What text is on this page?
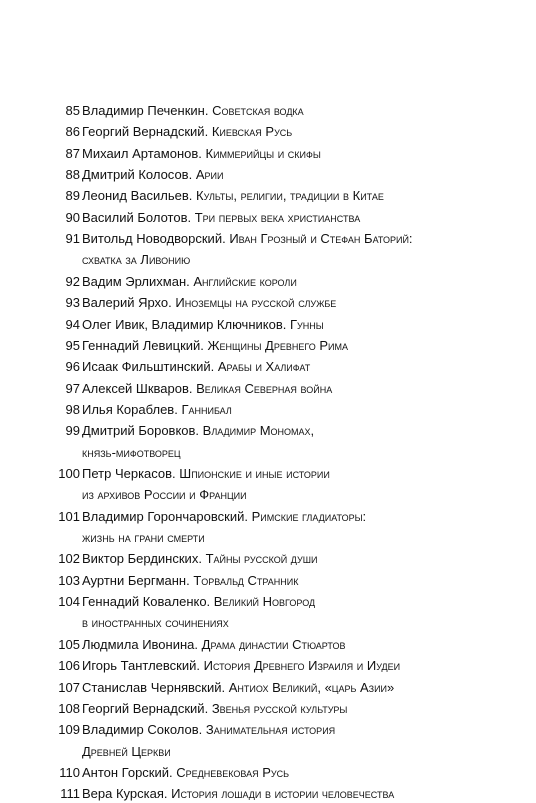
85 Владимир Печенкин. Советская водка
86 Георгий Вернадский. Киевская Русь
87 Михаил Артамонов. Киммерийцы и скифы
88 Дмитрий Колосов. Арии
89 Леонид Васильев. Культы, религии, традиции в Китае
90 Василий Болотов. Три первых века христианства
91 Витольд Новодворский. Иван Грозный и Стефан Баторий:
схватка за Ливонию
92 Вадим Эрлихман. Английские короли
93 Валерий Ярхо. Иноземцы на русской службе
94 Олег Ивик, Владимир Ключников. Гунны
95 Геннадий Левицкий. Женщины Древнего Рима
96 Исаак Фильштинский. Арабы и Халифат
97 Алексей Шкваров. Великая Северная война
98 Илья Кораблев. Ганнибал
99 Дмитрий Боровков. Владимир Мономах,
князь-мифотворец
100 Петр Черкасов. Шпионские и иные истории
из архивов России и Франции
101 Владимир Горончаровский. Римские гладиаторы:
жизнь на грани смерти
102 Виктор Бердинских. Тайны русской души
103 Ауртни Бергманн. Торвальд Странник
104 Геннадий Коваленко. Великий Новгород
в иностранных сочинениях
105 Людмила Ивонина. Драма династии Стюартов
106 Игорь Тантлевский. История Древнего Израиля и Иудеи
107 Станислав Чернявский. Антиох Великий, «царь Азии»
108 Георгий Вернадский. Звенья русской культуры
109 Владимир Соколов. Занимательная история
Древней Церкви
110 Антон Горский. Средневековая Русь
111 Вера Курская. История лошади в истории человечества
